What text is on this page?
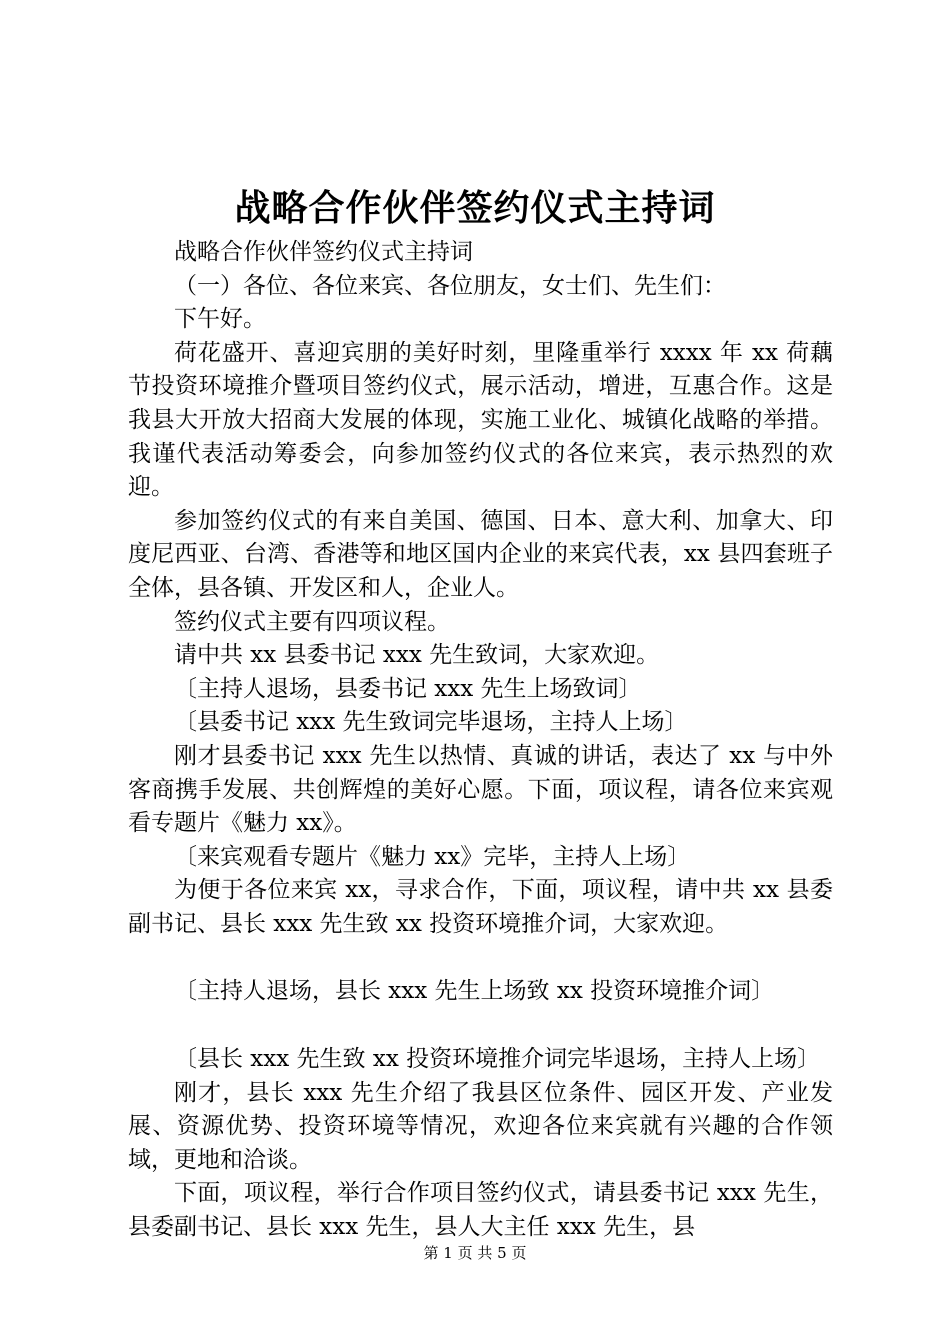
战略合作伙伴签约仪式主持词

战略合作伙伴签约仪式主持词

（一）各位、各位来宾、各位朋友，女士们、先生们：

下午好。

荷花盛开、喜迎宾朋的美好时刻，里隆重举行 xxxx 年 xx 荷藕节投资环境推介暨项目签约仪式，展示活动，增进，互惠合作。这是我县大开放大招商大发展的体现，实施工业化、城镇化战略的举措。我谨代表活动筹委会，向参加签约仪式的各位来宾，表示热烈的欢迎。

参加签约仪式的有来自美国、德国、日本、意大利、加拿大、印度尼西亚、台湾、香港等和地区国内企业的来宾代表，xx 县四套班子全体，县各镇、开发区和人，企业人。

签约仪式主要有四项议程。

请中共 xx 县委书记 xxx 先生致词，大家欢迎。

〔主持人退场，县委书记 xxx 先生上场致词〕

〔县委书记 xxx 先生致词完毕退场，主持人上场〕

刚才县委书记 xxx 先生以热情、真诚的讲话，表达了 xx 与中外客商携手发展、共创辉煌的美好心愿。下面，项议程，请各位来宾观看专题片《魅力 xx》。

〔来宾观看专题片《魅力 xx》完毕，主持人上场〕

为便于各位来宾 xx，寻求合作，下面，项议程，请中共 xx 县委副书记、县长 xxx 先生致 xx 投资环境推介词，大家欢迎。

〔主持人退场，县长 xxx 先生上场致 xx 投资环境推介词〕

〔县长 xxx 先生致 xx 投资环境推介词完毕退场，主持人上场〕

刚才，县长 xxx 先生介绍了我县区位条件、园区开发、产业发展、资源优势、投资环境等情况，欢迎各位来宾就有兴趣的合作领域，更地和洽谈。

下面，项议程，举行合作项目签约仪式，请县委书记 xxx 先生，县委副书记、县长 xxx 先生，县人大主任 xxx 先生，县

第 1 页 共 5 页
